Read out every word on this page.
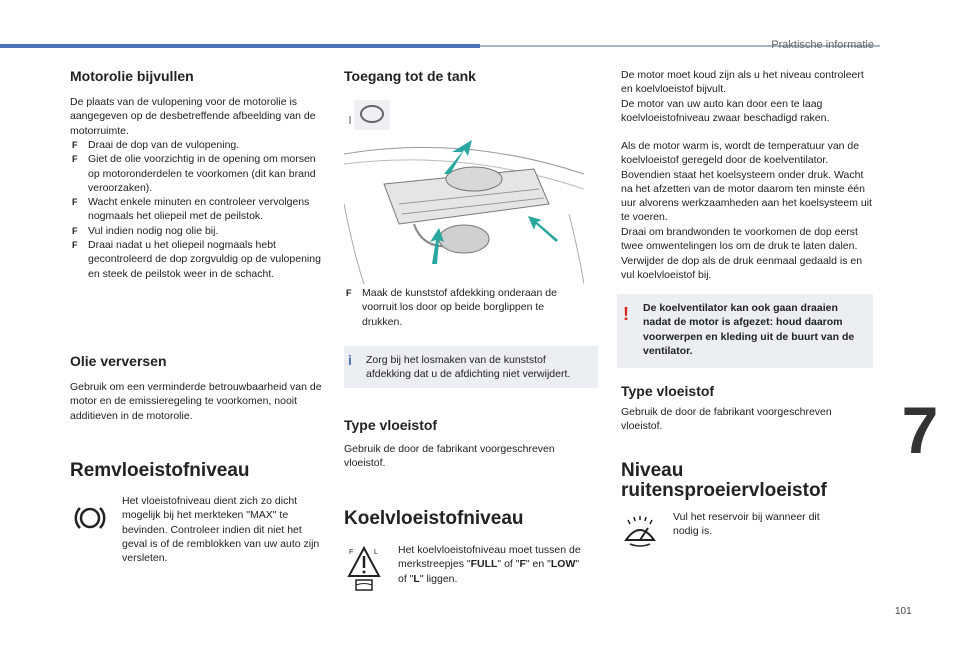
Praktische informatie
Motorolie bijvullen

De plaats van de vulopening voor de motorolie is aangegeven op de desbetreffende afbeelding van de motorruimte.

F Draai de dop van de vulopening.
F Giet de olie voorzichtig in de opening om morsen op motoronderdelen te voorkomen (dit kan brand veroorzaken).
F Wacht enkele minuten en controleer vervolgens nogmaals het oliepeil met de peilstok.
F Vul indien nodig nog olie bij.
F Draai nadat u het oliepeil nogmaals hebt gecontroleerd de dop zorgvuldig op de vulopening en steek de peilstok weer in de schacht.
Olie verversen

Gebruik om een verminderde betrouwbaarheid van de motor en de emissieregeling te voorkomen, nooit additieven in de motorolie.

Remvloeistofniveau

Het vloeistofniveau dient zich zo dicht mogelijk bij het merkteken "MAX" te bevinden. Controleer indien dit niet het geval is of de remblokken van uw auto zijn versleten.

Toegang tot de tank
F Maak de kunststof afdekking onderaan de voorruit los door op beide borglippen te drukken.
i Zorg bij het losmaken van de kunststof afdekking dat u de afdichting niet verwijdert.

Type vloeistof

Gebruik de door de fabrikant voorgeschreven vloeistof.

Koelvloeistofniveau
F	L Het koelvloeistofniveau moet tussen de merkstreepjes "FULL" of "F" en "LOW" of "L" liggen.

De motor moet koud zijn als u het niveau controleert en koelvloeistof bijvult.

De motor van uw auto kan door een te laag koelvloeistofniveau zwaar beschadigd raken.

Als de motor warm is, wordt de temperatuur van de koelvloeistof geregeld door de koelventilator. Bovendien staat het koelsysteem onder druk. Wacht na het afzetten van de motor daarom ten minste één uur alvorens werkzaamheden aan het koelsysteem uit te voeren.

Draai om brandwonden te voorkomen de dop eerst twee omwentelingen los om de druk te laten dalen. Verwijder de dop als de druk eenmaal gedaald is en vul koelvloeistof bij.

! De koelventilator kan ook gaan draaien nadat de motor is afgezet: houd daarom voorwerpen en kleding uit de buurt van de ventilator.

Type vloeistof

Gebruik de door de fabrikant voorgeschreven vloeistof.

Niveau
ruitensproeiervloeistof

Vul het reservoir bij wanneer dit nodig is.

7
101
